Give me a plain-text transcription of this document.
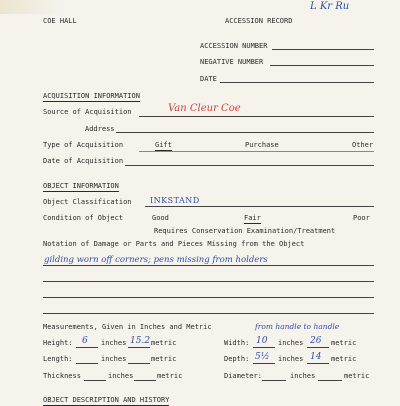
COE HALL	ACCESSION RECORD
L Kr Ru
ACCESSION NUMBER
NEGATIVE NUMBER
DATE
ACQUISITION INFORMATION
Source of Acquisition	Van Cleur Coe
Address
Type of Acquisition	Gift	Purchase	Other
Date of Acquisition
OBJECT INFORMATION
Object Classification INKSTAND
Condition of Object	Good	Fair	Poor
Requires Conservation Examination/Treatment
Notation of Damage or Parts and Pieces Missing from the Object
gilding worn off corners; pens missing from holders
Measurements, Given in Inches and Metric	from handle to handle
Height: 6 inches 15.2 metric	Width: 10 inches 26 metric
Length:	inches	metric	Depth: 5½ inches 14 metric
Thickness	inches	metric	Diameter:	inches	metric
OBJECT DESCRIPTION AND HISTORY
